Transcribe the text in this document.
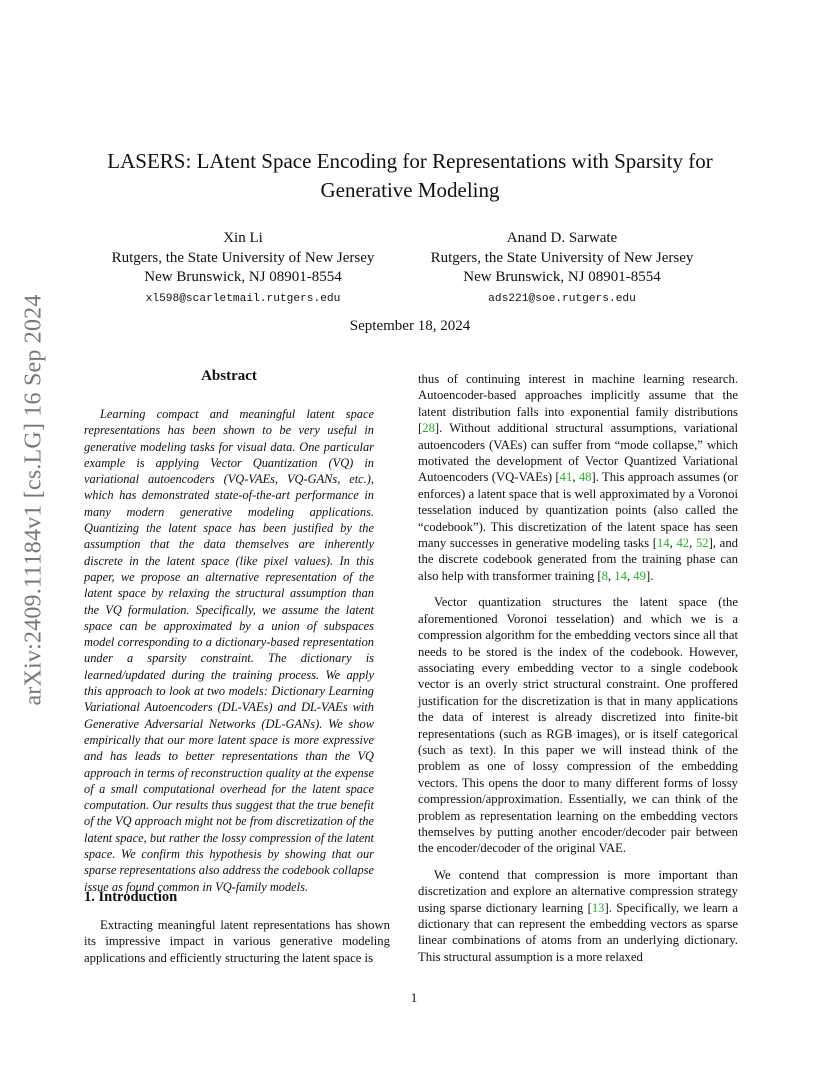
arXiv:2409.11184v1 [cs.LG] 16 Sep 2024
LASERS: LAtent Space Encoding for Representations with Sparsity for
Generative Modeling
Xin Li
Rutgers, the State University of New Jersey
New Brunswick, NJ 08901-8554
xl598@scarletmail.rutgers.edu
Anand D. Sarwate
Rutgers, the State University of New Jersey
New Brunswick, NJ 08901-8554
ads221@soe.rutgers.edu
September 18, 2024
Abstract

Learning compact and meaningful latent space representations has been shown to be very useful in generative modeling tasks for visual data. One particular example is applying Vector Quantization (VQ) in variational autoencoders (VQ-VAEs, VQ-GANs, etc.), which has demonstrated state-of-the-art performance in many modern generative modeling applications. Quantizing the latent space has been justified by the assumption that the data themselves are inherently discrete in the latent space (like pixel values). In this paper, we propose an alternative representation of the latent space by relaxing the structural assumption than the VQ formulation. Specifically, we assume the latent space can be approximated by a union of subspaces model corresponding to a dictionary-based representation under a sparsity constraint. The dictionary is learned/updated during the training process. We apply this approach to look at two models: Dictionary Learning Variational Autoencoders (DL-VAEs) and DL-VAEs with Generative Adversarial Networks (DL-GANs). We show empirically that our more latent space is more expressive and has leads to better representations than the VQ approach in terms of reconstruction quality at the expense of a small computational overhead for the latent space computation. Our results thus suggest that the true benefit of the VQ approach might not be from discretization of the latent space, but rather the lossy compression of the latent space. We confirm this hypothesis by showing that our sparse representations also address the codebook collapse issue as found common in VQ-family models.

1. Introduction

Extracting meaningful latent representations has shown its impressive impact in various generative modeling applications and efficiently structuring the latent space is

thus of continuing interest in machine learning research. Autoencoder-based approaches implicitly assume that the latent distribution falls into exponential family distributions [28]. Without additional structural assumptions, variational autoencoders (VAEs) can suffer from “mode collapse,” which motivated the development of Vector Quantized Variational Autoencoders (VQ-VAEs) [41, 48]. This approach assumes (or enforces) a latent space that is well approximated by a Voronoi tesselation induced by quantization points (also called the “codebook”). This discretization of the latent space has seen many successes in generative modeling tasks [14, 42, 52], and the discrete codebook generated from the training phase can also help with transformer training [8, 14, 49].

Vector quantization structures the latent space (the aforementioned Voronoi tesselation) and which we is a compression algorithm for the embedding vectors since all that needs to be stored is the index of the codebook. However, associating every embedding vector to a single codebook vector is an overly strict structural constraint. One proffered justification for the discretization is that in many applications the data of interest is already discretized into finite-bit representations (such as RGB images), or is itself categorical (such as text). In this paper we will instead think of the problem as one of lossy compression of the embedding vectors. This opens the door to many different forms of lossy compression/approximation. Essentially, we can think of the problem as representation learning on the embedding vectors themselves by putting another encoder/decoder pair between the encoder/decoder of the original VAE.

We contend that compression is more important than discretization and explore an alternative compression strategy using sparse dictionary learning [13]. Specifically, we learn a dictionary that can represent the embedding vectors as sparse linear combinations of atoms from an underlying dictionary. This structural assumption is a more relaxed

1
